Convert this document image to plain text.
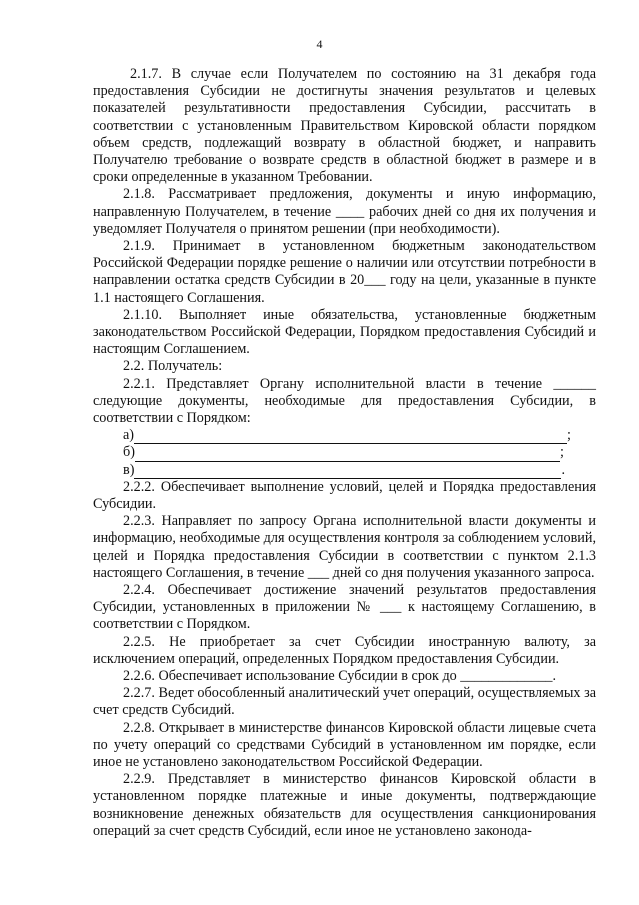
4

2.1.7. В случае если Получателем по состоянию на 31 декабря года предоставления Субсидии не достигнуты значения результатов и целевых показателей результативности предоставления Субсидии, рассчитать в соответствии с установленным Правительством Кировской области порядком объем средств, подлежащий возврату в областной бюджет, и направить Получателю требование о возврате средств в областной бюджет в размере и в сроки определенные в указанном Требовании.

2.1.8. Рассматривает предложения, документы и иную информацию, направленную Получателем, в течение ____ рабочих дней со дня их получения и уведомляет Получателя о принятом решении (при необходимости).

2.1.9. Принимает в установленном бюджетным законодательством Российской Федерации порядке решение о наличии или отсутствии потребности в направлении остатка средств Субсидии в 20___ году на цели, указанные в пункте 1.1 настоящего Соглашения.

2.1.10. Выполняет иные обязательства, установленные бюджетным законодательством Российской Федерации, Порядком предоставления Субсидий и настоящим Соглашением.

2.2. Получатель:

2.2.1. Представляет Органу исполнительной власти в течение ______ следующие документы, необходимые для предоставления Субсидии, в соответствии с Порядком:

а)	;
б)	;
в)	.

2.2.2. Обеспечивает выполнение условий, целей и Порядка предоставления Субсидии.

2.2.3. Направляет по запросу Органа исполнительной власти документы и информацию, необходимые для осуществления контроля за соблюдением условий, целей и Порядка предоставления Субсидии в соответствии с пунктом 2.1.3 настоящего Соглашения, в течение ___ дней со дня получения указанного запроса.

2.2.4. Обеспечивает достижение значений результатов предоставления Субсидии, установленных в приложении № ___ к настоящему Соглашению, в соответствии с Порядком.

2.2.5. Не приобретает за счет Субсидии иностранную валюту, за исключением операций, определенных Порядком предоставления Субсидии.

2.2.6. Обеспечивает использование Субсидии в срок до _____________.

2.2.7. Ведет обособленный аналитический учет операций, осуществляемых за счет средств Субсидий.

2.2.8. Открывает в министерстве финансов Кировской области лицевые счета по учету операций со средствами Субсидий в установленном им порядке, если иное не установлено законодательством Российской Федерации.

2.2.9. Представляет в министерство финансов Кировской области в установленном порядке платежные и иные документы, подтверждающие возникновение денежных обязательств для осуществления санкционирования операций за счет средств Субсидий, если иное не установлено законода-
